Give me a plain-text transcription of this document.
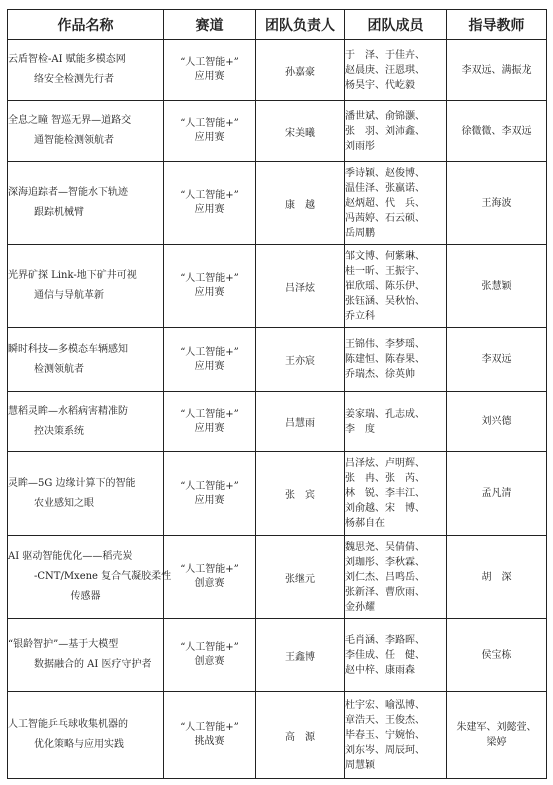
作品名称	赛道	团队负责人	团队成员	指导教师

云盾智检-AI 赋能多模态网
络安全检测先行者	“人工智能+”
应用赛	孙嘉豪	于　泽、于佳卉、
赵晨庚、汪恩琪、
杨昊宇、代屹毅	李双远、满振龙

全息之瞳 智巡无界—道路交
通智能检测领航者	“人工智能+”
应用赛	宋美曦	潘世斌、俞锦灏、
张　羽、刘沛鑫、
刘雨彤	徐微微、李双远

深海追踪者—智能水下轨迹
跟踪机械臂	“人工智能+”
应用赛	康　越	季诗颖、赵俊博、
温佳泽、张嬴诺、
赵炳超、代　兵、
冯茜婷、石云硕、
岳周鹏	王海波

光界矿探 Link-地下矿井可视
通信与导航革新	“人工智能+”
应用赛	吕泽炫	邹文博、何紫琳、
桂一昕、王振宇、
崔欣瑶、陈乐伊、
张钰涵、吴秋怡、
乔立科	张慧颖

瞬时科技—多模态车辆感知
检测领航者	“人工智能+”
应用赛	王亦宸	王锦伟、李梦瑶、
陈建恒、陈春果、
乔瑞杰、徐英帅	李双远

慧稻灵眸—水稻病害精准防
控决策系统	“人工智能+”
应用赛	吕慧雨	姜家瑞、孔志成、
李　度	刘兴德

灵眸—5G 边缘计算下的智能
农业感知之眼	“人工智能+”
应用赛	张　宾	吕泽炫、卢明辉、
张　冉、张　芮、
林　锐、李丰江、
刘俞越、宋　博、
杨郝自在	孟凡清

AI 驱动智能优化——稻壳炭
-CNT/Mxene 复合气凝胶柔性
传感器	“人工智能+”
创意赛	张继元	魏思尧、吴倩倩、
刘珈彤、李秋霖、
刘仁杰、吕鸣岳、
张新泽、曹欣雨、
金孙耀	胡　深

“银龄智护”—基于大模型
数据融合的 AI 医疗守护者	“人工智能+”
创意赛	王鑫博	毛肖涵、李路晖、
李佳成、任　健、
赵中梓、康雨森	侯宝栋

人工智能乒乓球收集机器的
优化策略与应用实践	“人工智能+”
挑战赛	高　源	杜宇宏、喻泓博、
章浩天、王俊杰、
毕春玉、宁婉怡、
刘东岑、周辰珂、
周慧颖	朱建军、刘懿萱、
梁婷
